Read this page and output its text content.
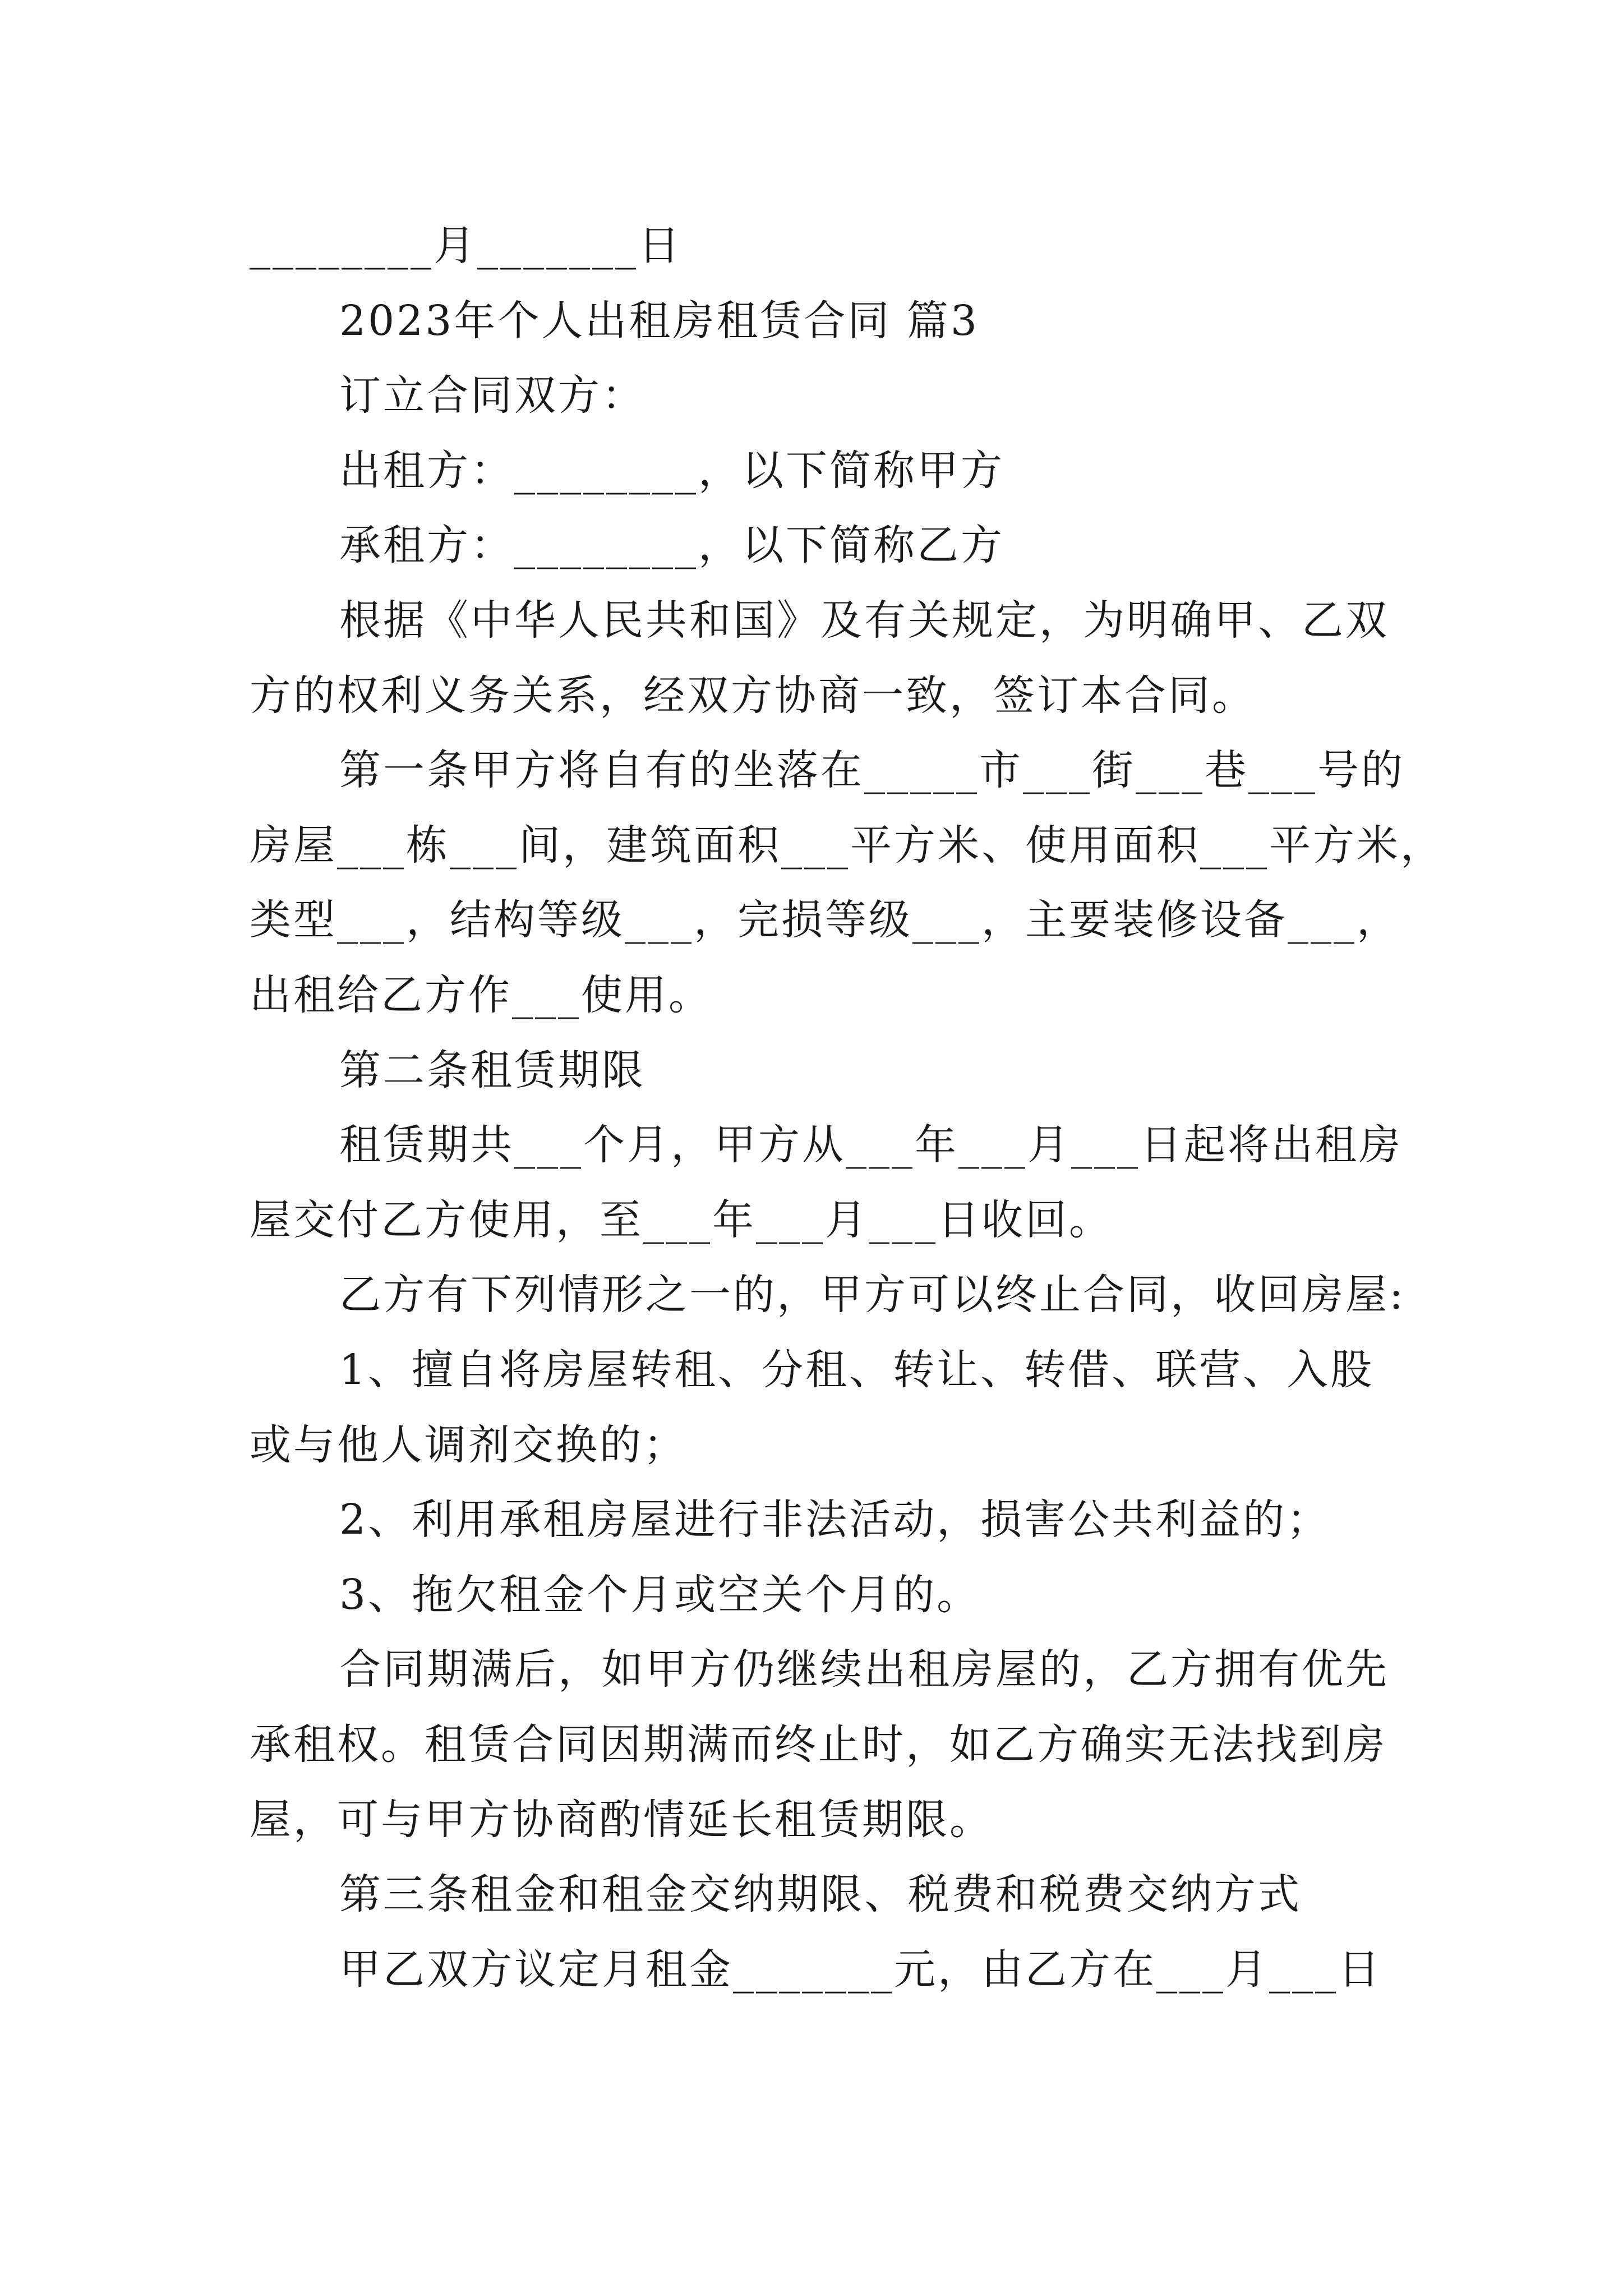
________月_______日
2023年个人出租房租赁合同 篇3
订立合同双方：
出租方：________，以下简称甲方
承租方：________，以下简称乙方
根据《中华人民共和国》及有关规定，为明确甲、乙双
方的权利义务关系，经双方协商一致，签订本合同。
第一条甲方将自有的坐落在_____市___街___巷___号的
房屋___栋___间，建筑面积___平方米、使用面积___平方米，
类型___，结构等级___，完损等级___，主要装修设备___，
出租给乙方作___使用。
第二条租赁期限
租赁期共___个月，甲方从___年___月___日起将出租房
屋交付乙方使用，至___年___月___日收回。
乙方有下列情形之一的，甲方可以终止合同，收回房屋:
1、擅自将房屋转租、分租、转让、转借、联营、入股
或与他人调剂交换的；
2、利用承租房屋进行非法活动，损害公共利益的；
3、拖欠租金个月或空关个月的。
合同期满后，如甲方仍继续出租房屋的，乙方拥有优先
承租权。租赁合同因期满而终止时，如乙方确实无法找到房
屋，可与甲方协商酌情延长租赁期限。
第三条租金和租金交纳期限、税费和税费交纳方式
甲乙双方议定月租金_______元，由乙方在___月___日
